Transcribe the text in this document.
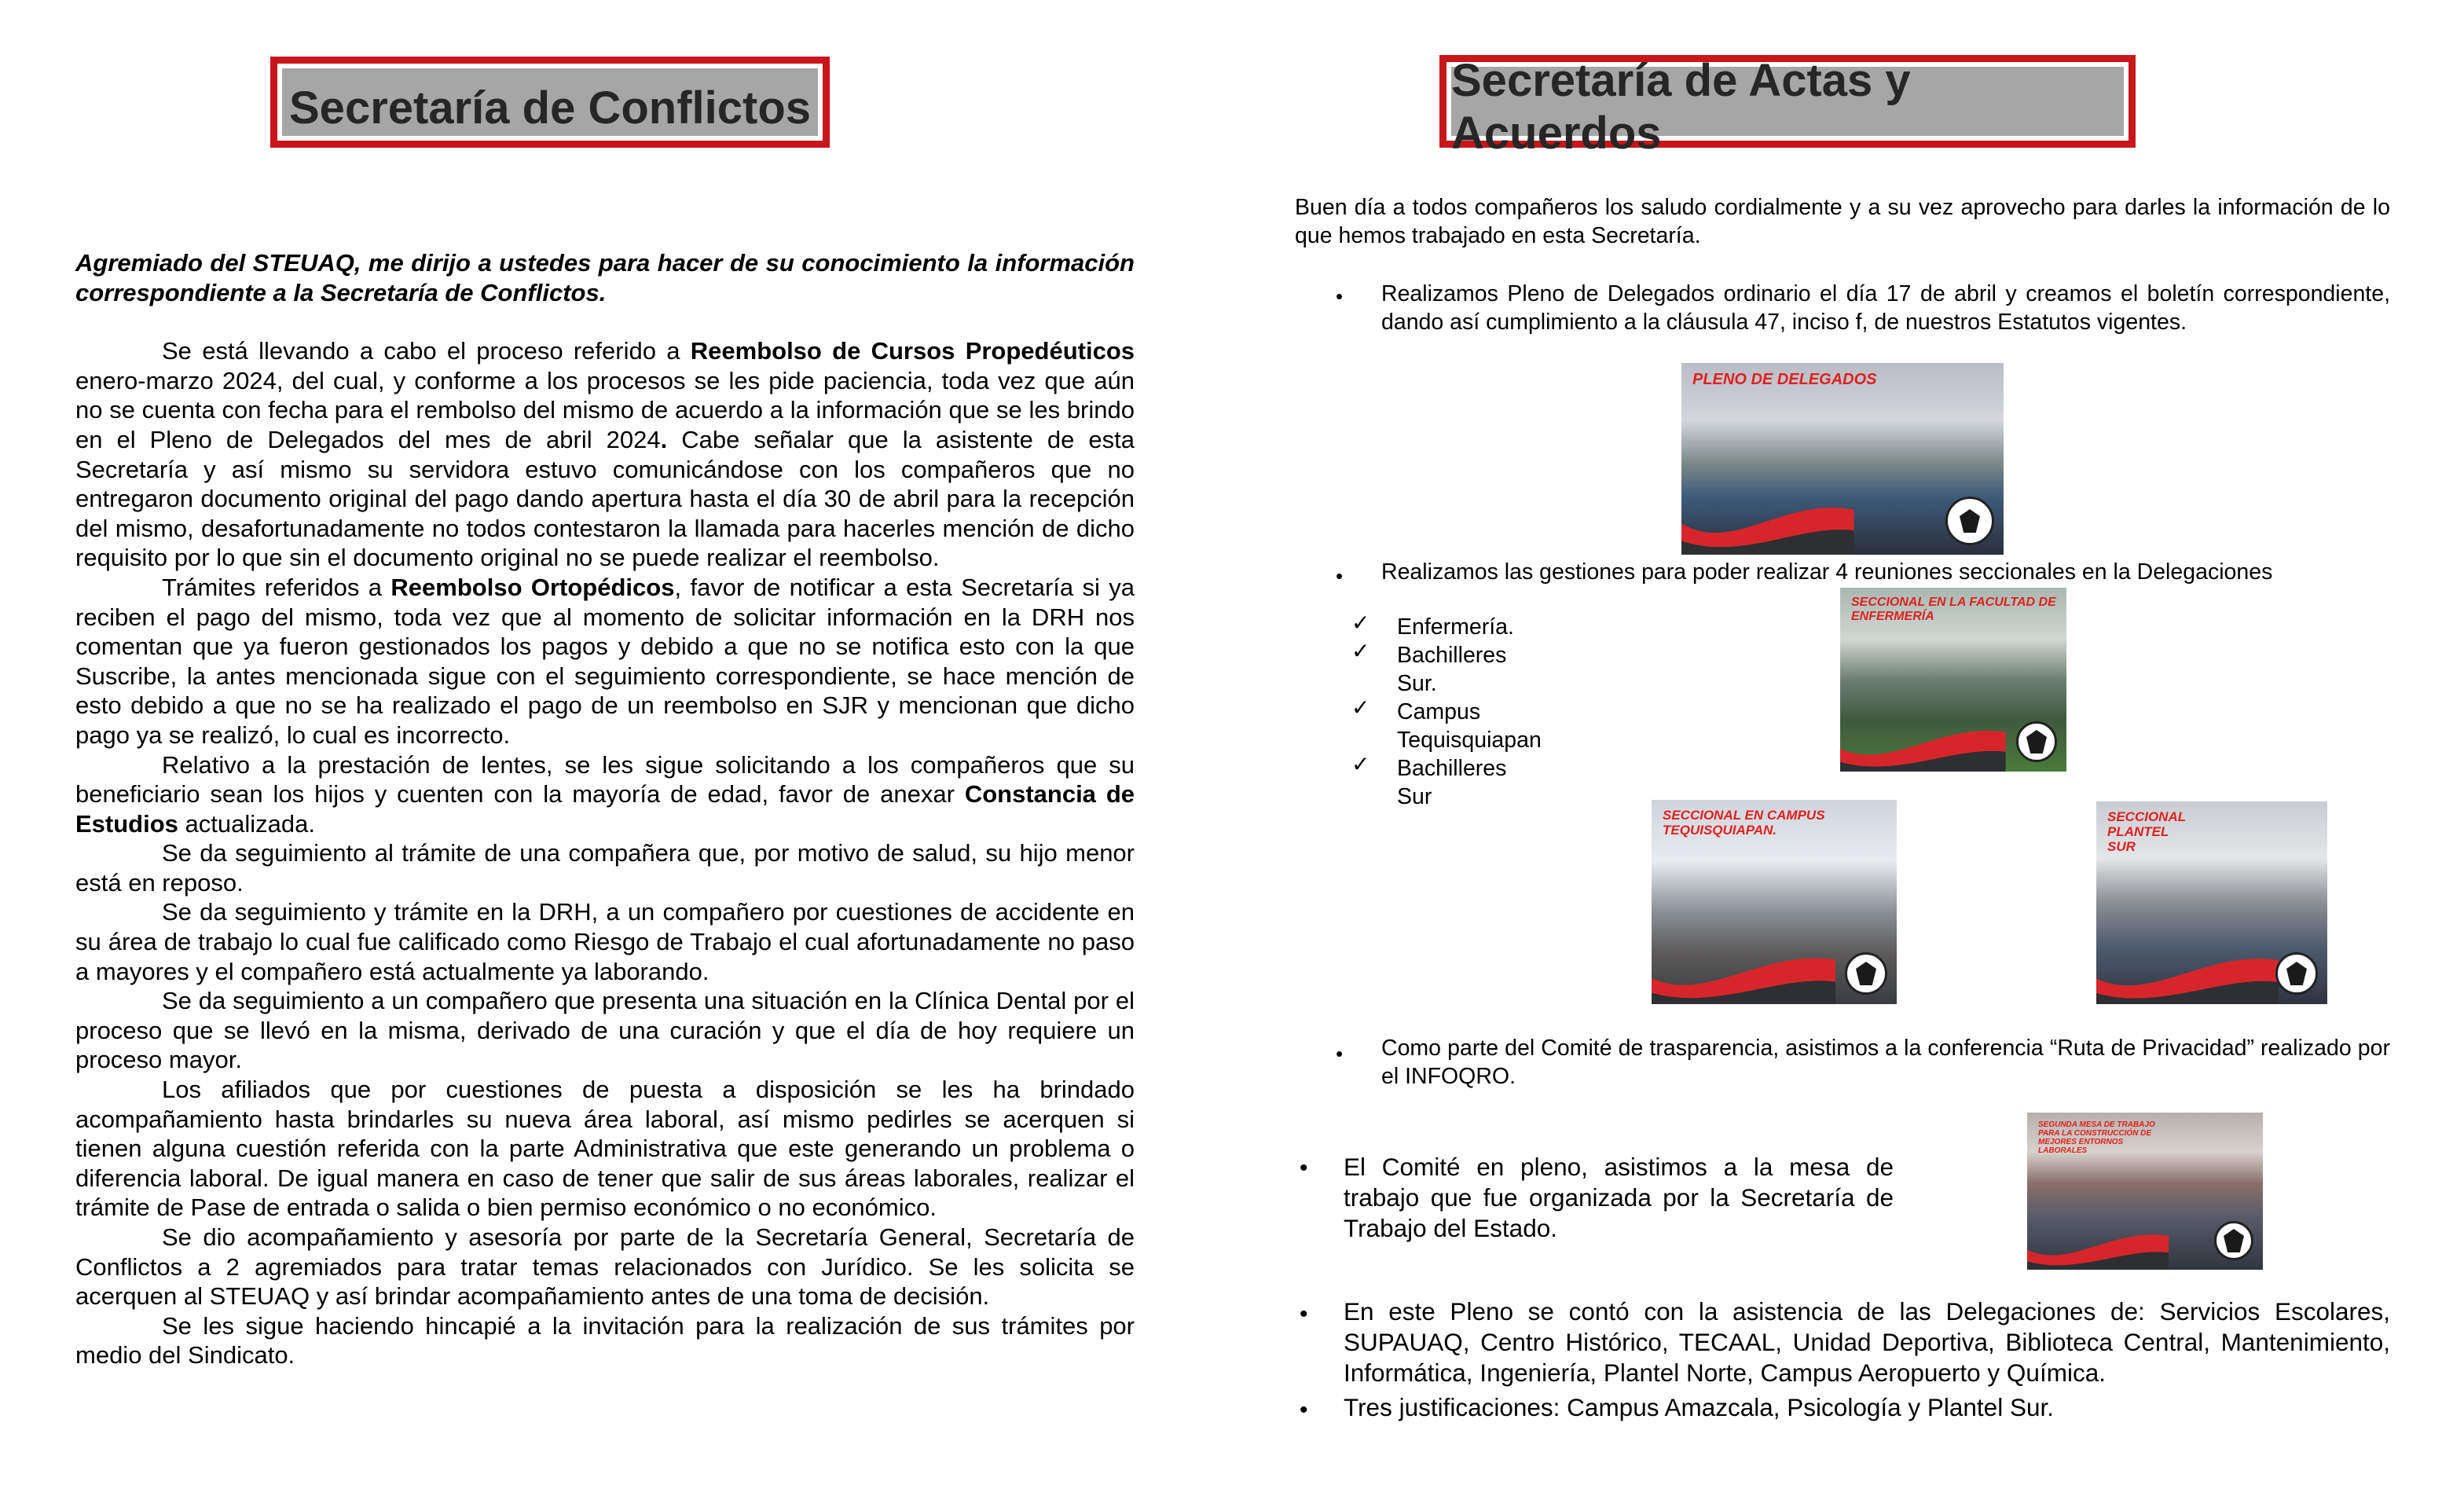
Secretaría de Conflictos

Agremiado del STEUAQ, me dirijo a ustedes para hacer de su conocimiento la información correspondiente a la Secretaría de Conflictos.

Se está llevando a cabo el proceso referido a Reembolso de Cursos Propedéuticos enero-marzo 2024, del cual, y conforme a los procesos se les pide paciencia, toda vez que aún no se cuenta con fecha para el rembolso del mismo de acuerdo a la información que se les brindo en el Pleno de Delegados del mes de abril 2024. Cabe señalar que la asistente de esta Secretaría y así mismo su servidora estuvo comunicándose con los compañeros que no entregaron documento original del pago dando apertura hasta el día 30 de abril para la recepción del mismo, desafortunadamente no todos contestaron la llamada para hacerles mención de dicho requisito por lo que sin el documento original no se puede realizar el reembolso.

Trámites referidos a Reembolso Ortopédicos, favor de notificar a esta Secretaría si ya reciben el pago del mismo, toda vez que al momento de solicitar información en la DRH nos comentan que ya fueron gestionados los pagos y debido a que no se notifica esto con la que Suscribe, la antes mencionada sigue con el seguimiento correspondiente, se hace mención de esto debido a que no se ha realizado el pago de un reembolso en SJR y mencionan que dicho pago ya se realizó, lo cual es incorrecto.

Relativo a la prestación de lentes, se les sigue solicitando a los compañeros que su beneficiario sean los hijos y cuenten con la mayoría de edad, favor de anexar Constancia de Estudios actualizada.

Se da seguimiento al trámite de una compañera que, por motivo de salud, su hijo menor está en reposo.

Se da seguimiento y trámite en la DRH, a un compañero por cuestiones de accidente en su área de trabajo lo cual fue calificado como Riesgo de Trabajo el cual afortunadamente no paso a mayores y el compañero está actualmente ya laborando.

Se da seguimiento a un compañero que presenta una situación en la Clínica Dental por el proceso que se llevó en la misma, derivado de una curación y que el día de hoy requiere un proceso mayor.

Los afiliados que por cuestiones de puesta a disposición se les ha brindado acompañamiento hasta brindarles su nueva área laboral, así mismo pedirles se acerquen si tienen alguna cuestión referida con la parte Administrativa que este generando un problema o diferencia laboral. De igual manera en caso de tener que salir de sus áreas laborales, realizar el trámite de Pase de entrada o salida o bien permiso económico o no económico.

Se dio acompañamiento y asesoría por parte de la Secretaría General, Secretaría de Conflictos a 2 agremiados para tratar temas relacionados con Jurídico. Se les solicita se acerquen al STEUAQ y así brindar acompañamiento antes de una toma de decisión.

Se les sigue haciendo hincapié a la invitación para la realización de sus trámites por medio del Sindicato.

Secretaría de Actas y Acuerdos
Buen día a todos compañeros los saludo cordialmente y a su vez aprovecho para darles la información de lo que hemos trabajado en esta Secretaría.
• Realizamos Pleno de Delegados ordinario el día 17 de abril y creamos el boletín correspondiente, dando así cumplimiento a la cláusula 47, inciso f, de nuestros Estatutos vigentes.
PLENO DE DELEGADOS
• Realizamos las gestiones para poder realizar 4 reuniones seccionales en la Delegaciones
✓ Enfermería.
✓ Bachilleres Sur.
✓ Campus Tequisquiapan
✓ Bachilleres Sur
SECCIONAL EN LA FACULTAD DE ENFERMERÍA
SECCIONAL EN CAMPUS TEQUISQUIAPAN.
SECCIONAL PLANTEL SUR
• Como parte del Comité de trasparencia, asistimos a la conferencia “Ruta de Privacidad” realizado por el INFOQRO.
SEGUNDA MESA DE TRABAJO PARA LA CONSTRUCCIÓN DE MEJORES ENTORNOS LABORALES
• El Comité en pleno, asistimos a la mesa de trabajo que fue organizada por la Secretaría de Trabajo del Estado.
• En este Pleno se contó con la asistencia de las Delegaciones de: Servicios Escolares, SUPAUAQ, Centro Histórico, TECAAL, Unidad Deportiva, Biblioteca Central, Mantenimiento, Informática, Ingeniería, Plantel Norte, Campus Aeropuerto y Química.
• Tres justificaciones: Campus Amazcala, Psicología y Plantel Sur.
